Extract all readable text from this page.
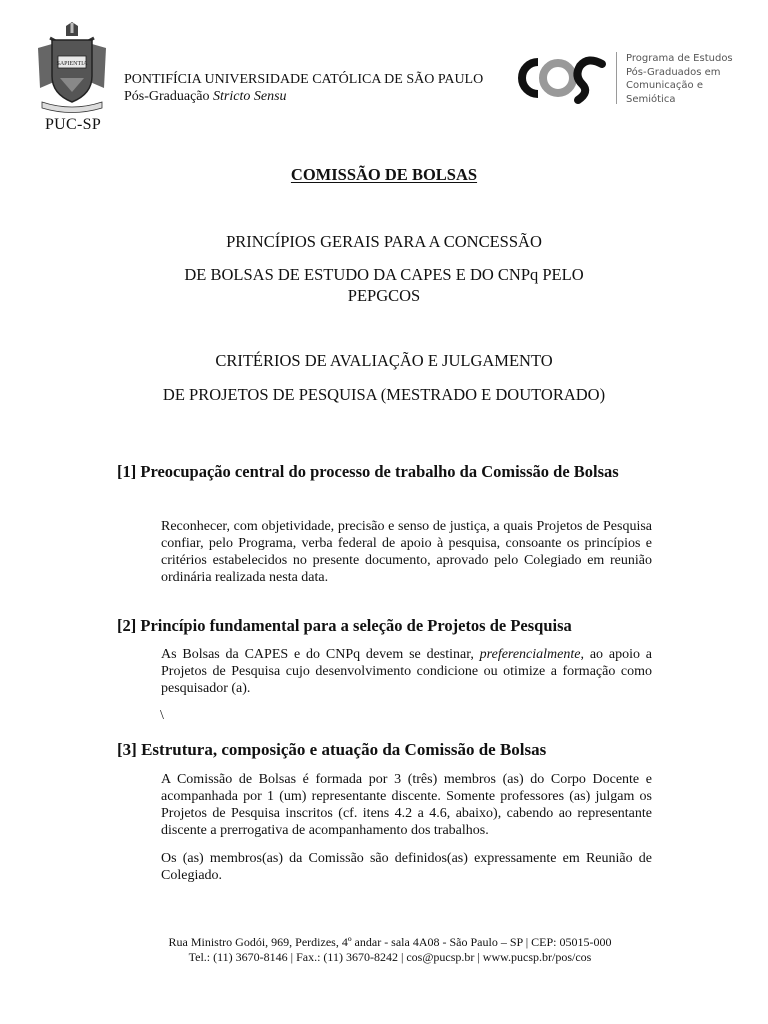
SAPIENTIA
PUC-SP
PONTIFÍCIA UNIVERSIDADE CATÓLICA DE SÃO PAULO
Pós-Graduação Stricto Sensu
Programa de Estudos
Pós-Graduados em
Comunicação e
Semiótica
COMISSÃO DE BOLSAS
PRINCÍPIOS GERAIS PARA A CONCESSÃO
DE BOLSAS DE ESTUDO DA CAPES E DO CNPq PELO
PEPGCOS
CRITÉRIOS DE AVALIAÇÃO E JULGAMENTO
DE PROJETOS DE PESQUISA (MESTRADO E DOUTORADO)
[1] Preocupação central do processo de trabalho da Comissão de Bolsas
Reconhecer, com objetividade, precisão e senso de justiça, a quais Projetos de Pesquisa confiar, pelo Programa, verba federal de apoio à pesquisa, consoante os princípios e critérios estabelecidos no presente documento, aprovado pelo Colegiado em reunião ordinária realizada nesta data.
[2] Princípio fundamental para a seleção de Projetos de Pesquisa
As Bolsas da CAPES e do CNPq devem se destinar, preferencialmente, ao apoio a Projetos de Pesquisa cujo desenvolvimento condicione ou otimize a formação como pesquisador (a).
\
[3] Estrutura, composição e atuação da Comissão de Bolsas
A Comissão de Bolsas é formada por 3 (três) membros (as) do Corpo Docente e acompanhada por 1 (um) representante discente. Somente professores (as) julgam os Projetos de Pesquisa inscritos (cf. itens 4.2 a 4.6, abaixo), cabendo ao representante discente a prerrogativa de acompanhamento dos trabalhos.
Os (as) membros(as) da Comissão são definidos(as) expressamente em Reunião de Colegiado.
Rua Ministro Godói, 969, Perdizes, 4º andar - sala 4A08 - São Paulo – SP | CEP: 05015-000
Tel.: (11) 3670-8146 | Fax.: (11) 3670-8242 | cos@pucsp.br | www.pucsp.br/pos/cos
